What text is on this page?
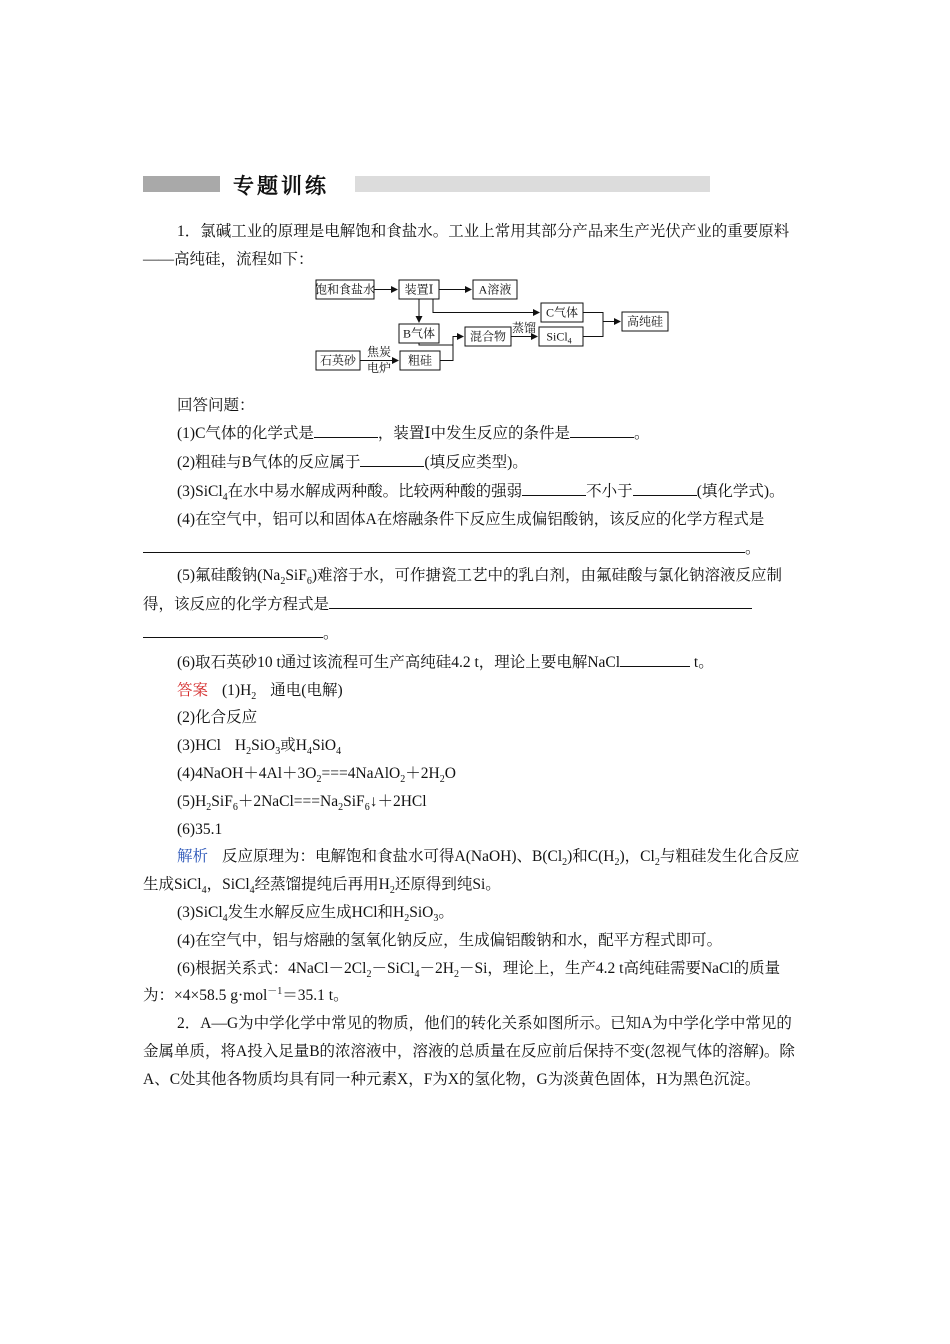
专题训练

1．氯碱工业的原理是电解饱和食盐水。工业上常用其部分产品来生产光伏产业的重要原料——高纯硅，流程如下：

饱和食盐水 装置Ⅰ	A溶液
C气体
B气体	混合物	SiCl$_4$
高纯硅
石英砂	粗硅
焦炭
电炉
蒸馏

回答问题：

(1)C气体的化学式是	，装置Ⅰ中发生反应的条件是	。

(2)粗硅与B气体的反应属于	(填反应类型)。

(3)SiCl$_4$在水中易水解成两种酸。比较两种酸的强弱	不小于	(填化学式)。

(4)在空气中，铝可以和固体A在熔融条件下反应生成偏铝酸钠，该反应的化学方程式是。

(5)氟硅酸钠$(Na_2SiF_6)$难溶于水，可作搪瓷工艺中的乳白剂，由氟硅酸与氯化钠溶液反应制得，该反应的化学方程式是
。

(6)取石英砂10 t通过该流程可生产高纯硅4.2 t，理论上要电解NaCl	t。

答案 $(1)H_2$ 通电(电解)

(2)化合反应

(3)HCl $H_2SiO_3$或$H_4SiO_4$

$(4)4NaOH+4Al+3O_2===4NaAlO_2+2H_2O$

$(5)H_2SiF_6+2NaCl===Na_2SiF_6↓+2HCl$

(6)35.1

解析 反应原理为：电解饱和食盐水可得A(NaOH)、$B(Cl_2)$和$C(H_2)$，$Cl_2$与粗硅发生化合反应生成SiCl$_4$，SiCl$_4$经蒸馏提纯后再用$H_2$还原得到纯Si。

(3)SiCl$_4$发生水解反应生成HCl和$H_2SiO_3$。

(4)在空气中，铝与熔融的氢氧化钠反应，生成偏铝酸钠和水，配平方程式即可。

(6)根据关系式：$4NaCl-2Cl_2-SiCl_4-2H_2-Si$，理论上，生产4.2 t高纯硅需要NaCl的质量为：×4×58.5 g·mol$^{-1}$＝35.1 t。

2．A—G为中学化学中常见的物质，他们的转化关系如图所示。已知A为中学化学中常见的金属单质，将A投入足量B的浓溶液中，溶液的总质量在反应前后保持不变(忽视气体的溶解)。除A、C处其他各物质均具有同一种元素X，F为X的氢化物，G为淡黄色固体，H为黑色沉淀。
